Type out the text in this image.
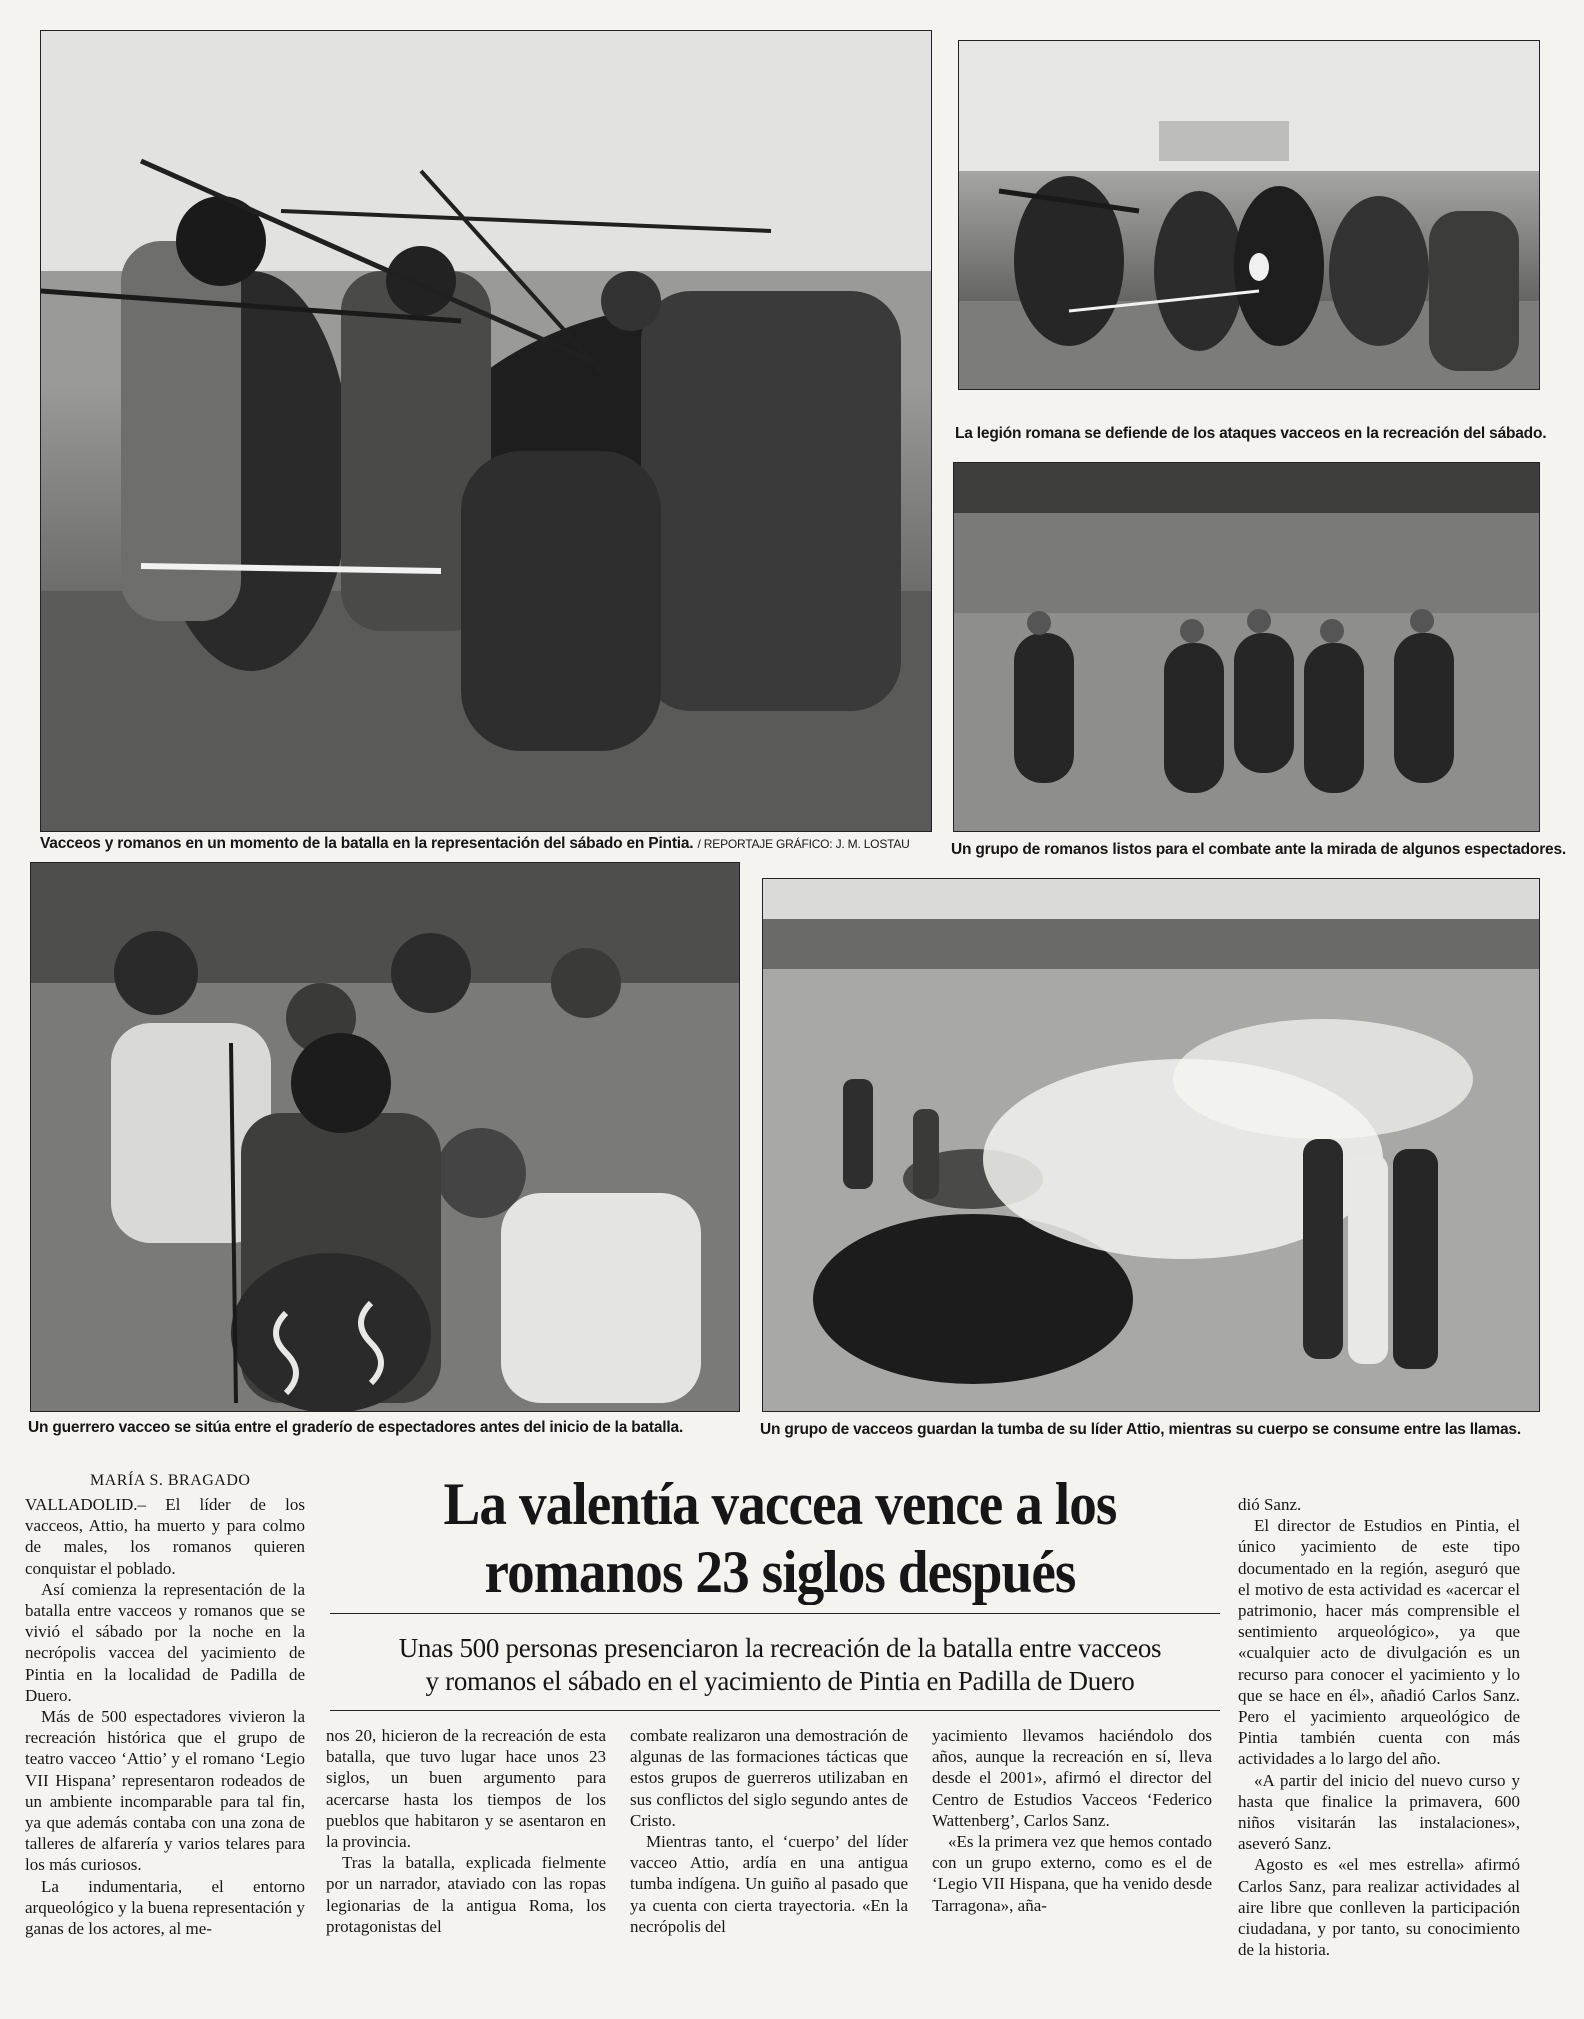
Vacceos y romanos en un momento de la batalla en la representación del sábado en Pintia. / REPORTAJE GRÁFICO: J. M. LOSTAU

La legión romana se defiende de los ataques vacceos en la recreación del sábado.

Un grupo de romanos listos para el combate ante la mirada de algunos espectadores.

Un guerrero vacceo se sitúa entre el graderío de espectadores antes del inicio de la batalla.	Un grupo de vacceos guardan la tumba de su líder Attio, mientras su cuerpo se consume entre las llamas.

MARÍA S. BRAGADO	La valentía vaccea vence a los
romanos 23 siglos después

Unas 500 personas presenciaron la recreación de la batalla entre vacceos
y romanos el sábado en el yacimiento de Pintia en Padilla de Duero

VALLADOLID.– El líder de los vacceos, Attio, ha muerto y para colmo de males, los romanos quieren conquistar el poblado.

Así comienza la representación de la batalla entre vacceos y romanos que se vivió el sábado por la noche en la necrópolis vaccea del yacimiento de Pintia en la localidad de Padilla de Duero.

Más de 500 espectadores vivieron la recreación histórica que el grupo de teatro vacceo ‘Attio’ y el romano ‘Legio VII Hispana’ representaron rodeados de un ambiente incomparable para tal fin, ya que además contaba con una zona de talleres de alfarería y varios telares para los más curiosos.

La indumentaria, el entorno arqueológico y la buena representación y ganas de los actores, al me-

nos 20, hicieron de la recreación de esta batalla, que tuvo lugar hace unos 23 siglos, un buen argumento para acercarse hasta los tiempos de los pueblos que habitaron y se asentaron en la provincia.

Tras la batalla, explicada fielmente por un narrador, ataviado con las ropas legionarias de la antigua Roma, los protagonistas del

combate realizaron una demostración de algunas de las formaciones tácticas que estos grupos de guerreros utilizaban en sus conflictos del siglo segundo antes de Cristo.

Mientras tanto, el ‘cuerpo’ del líder vacceo Attio, ardía en una antigua tumba indígena. Un guiño al pasado que ya cuenta con cierta trayectoria. «En la necrópolis del

yacimiento llevamos haciéndolo dos años, aunque la recreación en sí, lleva desde el 2001», afirmó el director del Centro de Estudios Vacceos ‘Federico Wattenberg’, Carlos Sanz.

«Es la primera vez que hemos contado con un grupo externo, como es el de ‘Legio VII Hispana, que ha venido desde Tarragona», aña-

dió Sanz.

El director de Estudios en Pintia, el único yacimiento de este tipo documentado en la región, aseguró que el motivo de esta actividad es «acercar el patrimonio, hacer más comprensible el sentimiento arqueológico», ya que «cualquier acto de divulgación es un recurso para conocer el yacimiento y lo que se hace en él», añadió Carlos Sanz. Pero el yacimiento arqueológico de Pintia también cuenta con más actividades a lo largo del año.

«A partir del inicio del nuevo curso y hasta que finalice la primavera, 600 niños visitarán las instalaciones», aseveró Sanz.

Agosto es «el mes estrella» afirmó Carlos Sanz, para realizar actividades al aire libre que conlleven la participación ciudadana, y por tanto, su conocimiento de la historia.
